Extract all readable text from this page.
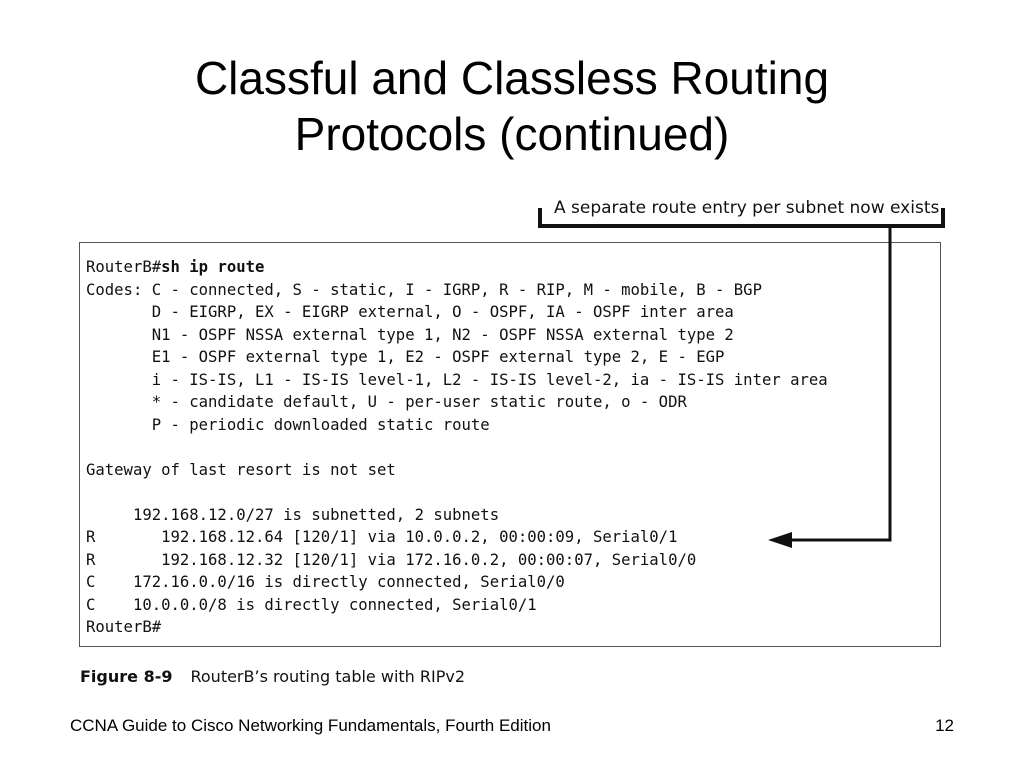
Classful and Classless Routing
Protocols (continued)
A separate route entry per subnet now exists.
RouterB#sh ip route
Codes: C - connected, S - static, I - IGRP, R - RIP, M - mobile, B - BGP
D - EIGRP, EX - EIGRP external, O - OSPF, IA - OSPF inter area
N1 - OSPF NSSA external type 1, N2 - OSPF NSSA external type 2
E1 - OSPF external type 1, E2 - OSPF external type 2, E - EGP
i - IS-IS, L1 - IS-IS level-1, L2 - IS-IS level-2, ia - IS-IS inter area
* - candidate default, U - per-user static route, o - ODR
P - periodic downloaded static route

Gateway of last resort is not set

192.168.12.0/27 is subnetted, 2 subnets
R       192.168.12.64 [120/1] via 10.0.0.2, 00:00:09, Serial0/1
R       192.168.12.32 [120/1] via 172.16.0.2, 00:00:07, Serial0/0
C    172.16.0.0/16 is directly connected, Serial0/0
C    10.0.0.0/8 is directly connected, Serial0/1
RouterB#
Figure 8-9 RouterB’s routing table with RIPv2
CCNA Guide to Cisco Networking Fundamentals, Fourth Edition	12
